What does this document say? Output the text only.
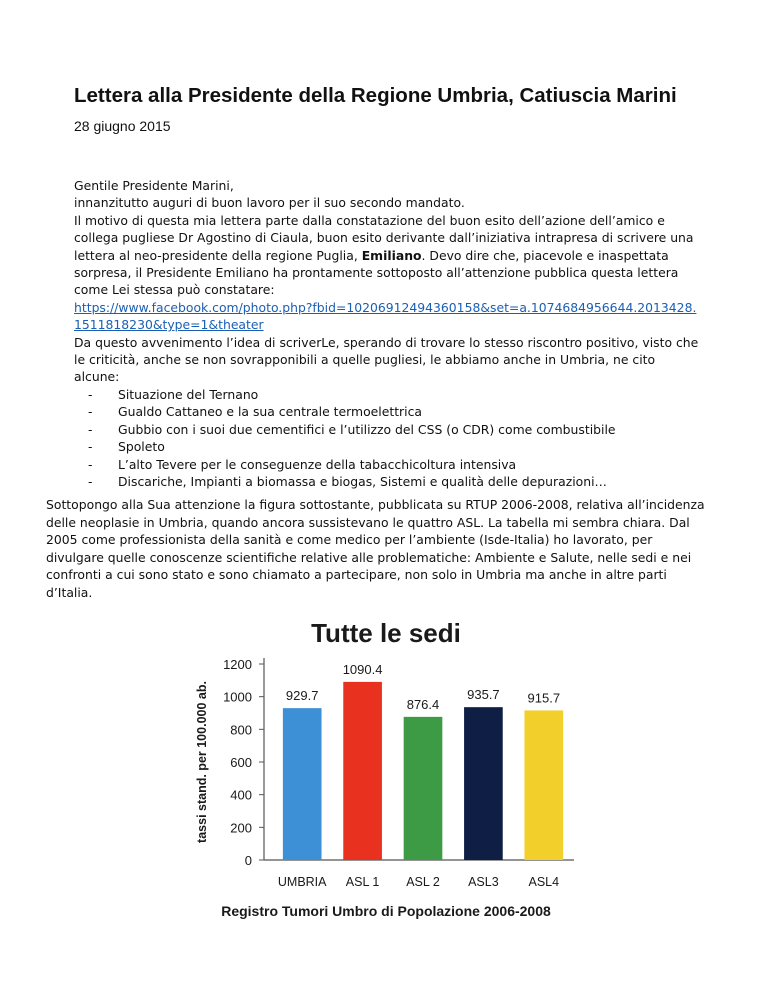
Lettera alla Presidente della Regione Umbria, Catiuscia Marini
28 giugno 2015

Gentile Presidente Marini,

innanzitutto auguri di buon lavoro per il suo secondo mandato.

Il motivo di questa mia lettera parte dalla constatazione del buon esito dell’azione dell’amico e collega pugliese Dr Agostino di Ciaula, buon esito derivante dall’iniziativa intrapresa di scrivere una lettera al neo-presidente della regione Puglia, Emiliano. Devo dire che, piacevole e inaspettata sorpresa, il Presidente Emiliano ha prontamente sottoposto all’attenzione pubblica questa lettera come Lei stessa può constatare:

https://www.facebook.com/photo.php?fbid=10206912494360158&set=a.1074684956644.2013428.1511818230&type=1&theater

Da questo avvenimento l’idea di scriverLe, sperando di trovare lo stesso riscontro positivo, visto che le criticità, anche se non sovrapponibili a quelle pugliesi, le abbiamo anche in Umbria, ne cito alcune:

- Situazione del Ternano
- Gualdo Cattaneo e la sua centrale termoelettrica
- Gubbio con i suoi due cementifici e l’utilizzo del CSS (o CDR) come combustibile
- Spoleto
- L’alto Tevere per le conseguenze della tabacchicoltura intensiva
- Discariche, Impianti a biomassa e biogas, Sistemi e qualità delle depurazioni…

Sottopongo alla Sua attenzione la figura sottostante, pubblicata su RTUP 2006-2008, relativa all’incidenza delle neoplasie in Umbria, quando ancora sussistevano le quattro ASL. La tabella mi sembra chiara. Dal 2005 come professionista della sanità e come medico per l’ambiente (Isde-Italia) ho lavorato, per divulgare quelle conoscenze scientifiche relative alle problematiche: Ambiente e Salute, nelle sedi e nei confronti a cui sono stato e sono chiamato a partecipare, non solo in Umbria ma anche in altre parti d’Italia.

Tutte le sedi
tassi stand. per 100.000 ab.
0
200
400
600
800
1000
1200
929.7
UMBRIA
1090.4
ASL 1
876.4
ASL 2
935.7
ASL3
915.7
ASL4
Registro Tumori Umbro di Popolazione 2006-2008
